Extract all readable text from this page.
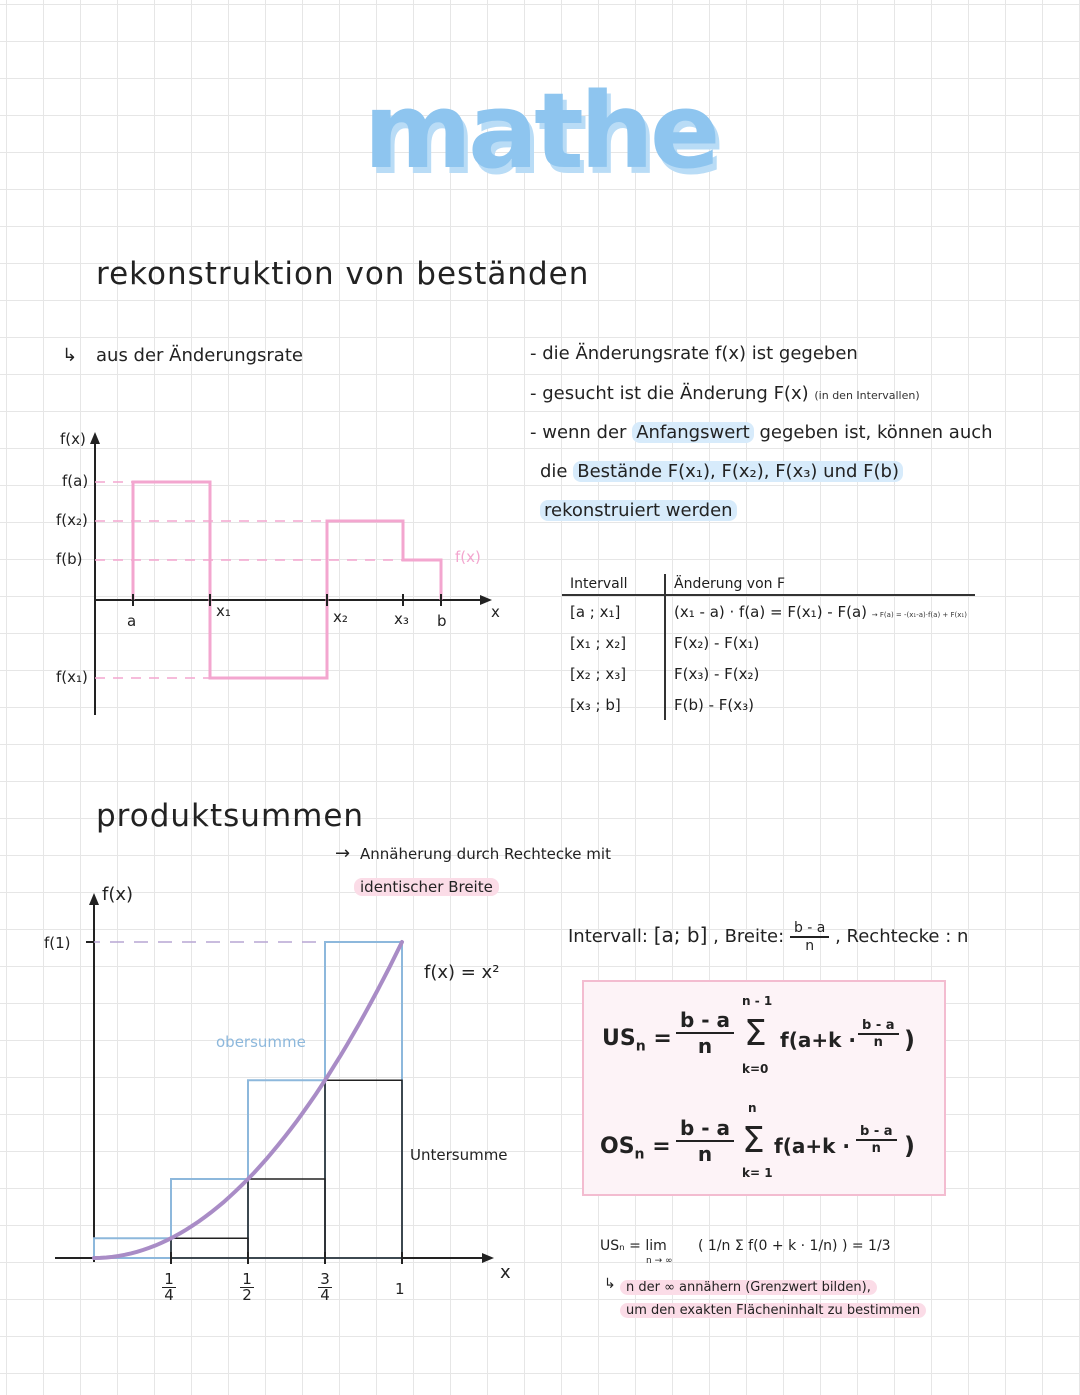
mathe
rekonstruktion von beständen
↳ aus der Änderungsrate	- die Änderungsrate f(x) ist gegeben
- gesucht ist die Änderung F(x) (in den Intervallen)
- wenn der Anfangswert gegeben ist, können auch
die Bestände F(x₁), F(x₂), F(x₃) und F(b)
rekonstruiert werden
f(x)
f(a)
f(x₂)
f(b)
f(x₁)
a
x₁	x₂	x₃ b	x
f(x)
Intervall	Änderung von F
[a ; x₁]	(x₁ - a) · f(a) = F(x₁) - F(a) → F(a) = -(x₁-a)·f(a) + F(x₁)
[x₁ ; x₂]	F(x₂) - F(x₁)
[x₂ ; x₃]	F(x₃) - F(x₂)
[x₃ ; b]	F(b) - F(x₃)
produktsummen
→ Annäherung durch Rechtecke mit
identischer Breite
Intervall: [a; b] , Breite: $\frac{b - a}{n}$ , Rechtecke : n
f(x)
f(1)
x
f(x) = x²
obersumme
Untersumme
$\frac{1}{4}$	$\frac{1}{2}$	$\frac{3}{4}$	1
$US_n = \frac{b - a}{n}$
n - 1
Σ
k=0
$f(a+k \cdot \frac{b - a}{n}$ )
$OS_n = \frac{b - a}{n}$
n
Σ
k= 1
$f(a+k \cdot \frac{b - a}{n}$ )
USₙ = lim
n → ∞
( 1/n Σ f(0 + k · 1/n) ) = 1/3
↳ n der ∞ annähern (Grenzwert bilden),
um den exakten Flächeninhalt zu bestimmen
